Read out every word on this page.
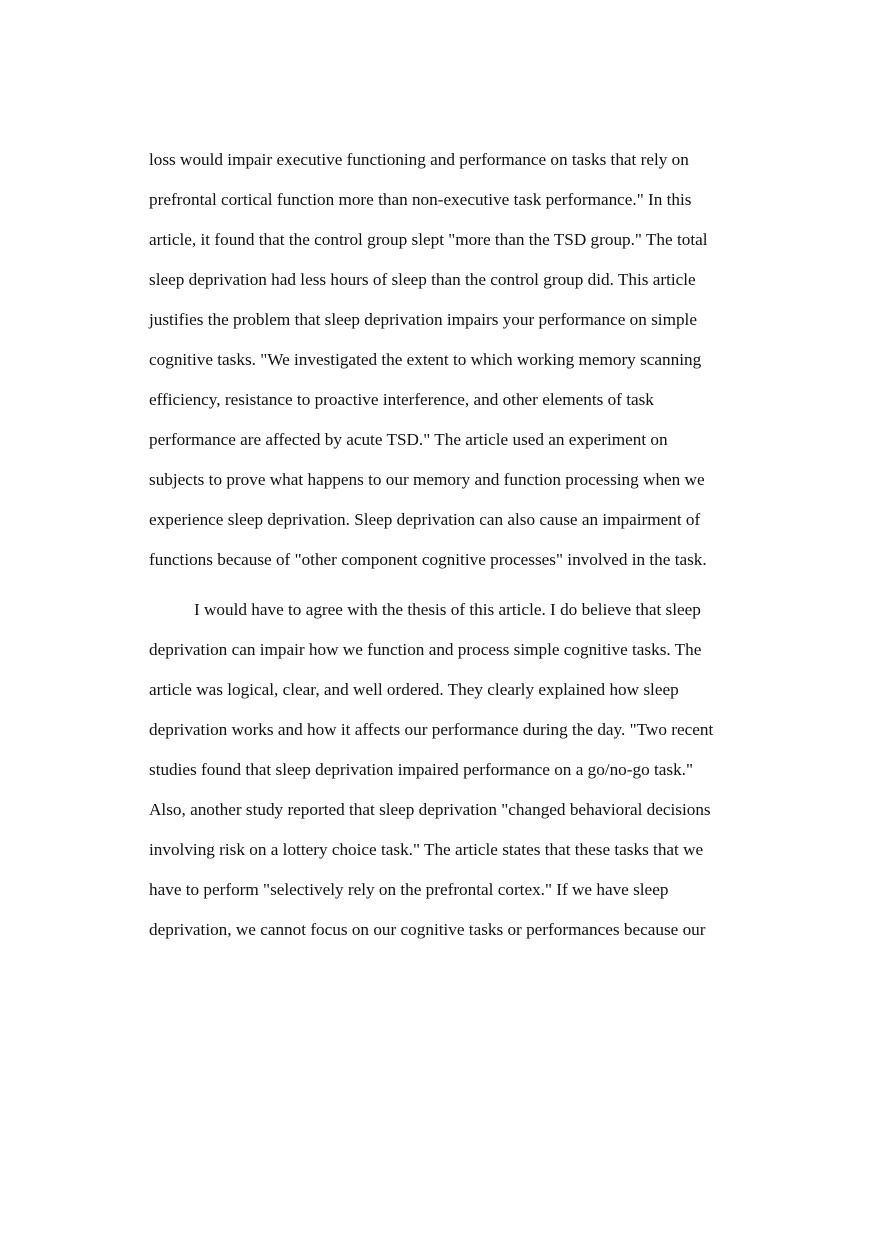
loss would impair executive functioning and performance on tasks that rely on
prefrontal cortical function more than non-executive task performance." In this
article, it found that the control group slept "more than the TSD group." The total
sleep deprivation had less hours of sleep than the control group did. This article
justifies the problem that sleep deprivation impairs your performance on simple
cognitive tasks. "We investigated the extent to which working memory scanning
efficiency, resistance to proactive interference, and other elements of task
performance are affected by acute TSD." The article used an experiment on
subjects to prove what happens to our memory and function processing when we
experience sleep deprivation. Sleep deprivation can also cause an impairment of
functions because of "other component cognitive processes" involved in the task.
I would have to agree with the thesis of this article. I do believe that sleep
deprivation can impair how we function and process simple cognitive tasks. The
article was logical, clear, and well ordered. They clearly explained how sleep
deprivation works and how it affects our performance during the day. "Two recent
studies found that sleep deprivation impaired performance on a go/no-go task."
Also, another study reported that sleep deprivation "changed behavioral decisions
involving risk on a lottery choice task." The article states that these tasks that we
have to perform "selectively rely on the prefrontal cortex." If we have sleep
deprivation, we cannot focus on our cognitive tasks or performances because our
